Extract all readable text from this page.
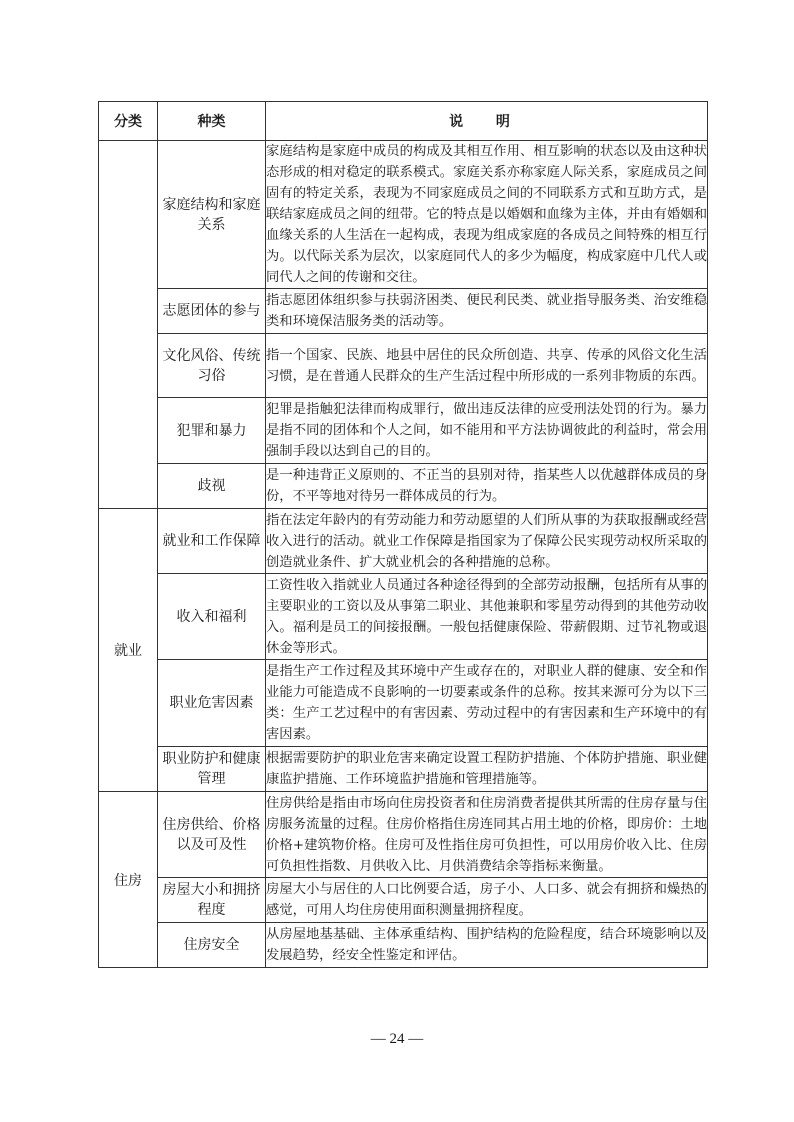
分类	种类	说 明
	家庭结构和家庭关系	家庭结构是家庭中成员的构成及其相互作用、相互影响的状态以及由这种状态形成的相对稳定的联系模式。家庭关系亦称家庭人际关系，家庭成员之间固有的特定关系，表现为不同家庭成员之间的不同联系方式和互助方式，是联结家庭成员之间的纽带。它的特点是以婚姻和血缘为主体，并由有婚姻和血缘关系的人生活在一起构成，表现为组成家庭的各成员之间特殊的相互行为。以代际关系为层次，以家庭同代人的多少为幅度，构成家庭中几代人或同代人之间的传谢和交往。
	志愿团体的参与	指志愿团体组织参与扶弱济困类、便民利民类、就业指导服务类、治安维稳类和环境保洁服务类的活动等。
	文化风俗、传统习俗	指一个国家、民族、地县中居住的民众所创造、共享、传承的风俗文化生活习惯，是在普通人民群众的生产生活过程中所形成的一系列非物质的东西。
	犯罪和暴力	犯罪是指触犯法律而构成罪行，做出违反法律的应受刑法处罚的行为。暴力是指不同的团体和个人之间，如不能用和平方法协调彼此的利益时，常会用强制手段以达到自己的目的。
	歧视	是一种违背正义原则的、不正当的县别对待，指某些人以优越群体成员的身份，不平等地对待另一群体成员的行为。
就业	就业和工作保障	指在法定年龄内的有劳动能力和劳动愿望的人们所从事的为获取报酬或经营收入进行的活动。就业工作保障是指国家为了保障公民实现劳动权所采取的创造就业条件、扩大就业机会的各种措施的总称。
	收入和福利	工资性收入指就业人员通过各种途径得到的全部劳动报酬，包括所有从事的主要职业的工资以及从事第二职业、其他兼职和零星劳动得到的其他劳动收入。福利是员工的间接报酬。一般包括健康保险、带薪假期、过节礼物或退休金等形式。
	职业危害因素	是指生产工作过程及其环境中产生或存在的，对职业人群的健康、安全和作业能力可能造成不良影响的一切要素或条件的总称。按其来源可分为以下三类：生产工艺过程中的有害因素、劳动过程中的有害因素和生产环境中的有害因素。
	职业防护和健康管理	根据需要防护的职业危害来确定设置工程防护措施、个体防护措施、职业健康监护措施、工作环境监护措施和管理措施等。
住房	住房供给、价格以及可及性	住房供给是指由市场向住房投资者和住房消费者提供其所需的住房存量与住房服务流量的过程。住房价格指住房连同其占用土地的价格，即房价：土地价格+建筑物价格。住房可及性指住房可负担性，可以用房价收入比、住房可负担性指数、月供收入比、月供消费结余等指标来衡量。
	房屋大小和拥挤程度	房屋大小与居住的人口比例要合适，房子小、人口多、就会有拥挤和燥热的感觉，可用人均住房使用面积测量拥挤程度。
	住房安全	从房屋地基基础、主体承重结构、围护结构的危险程度，结合环境影响以及发展趋势，经安全性鉴定和评估。
— 24 —
